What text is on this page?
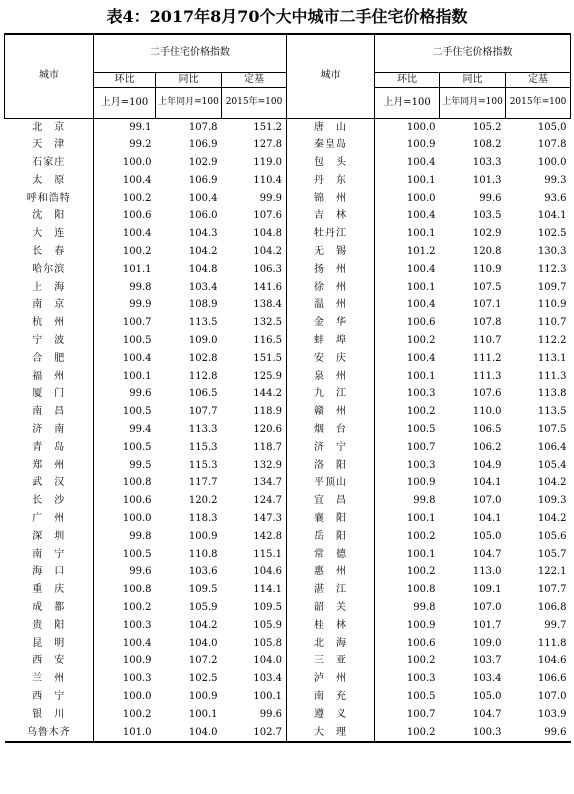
表4：2017年8月70个大中城市二手住宅价格指数
城市	二手住宅价格指数			城市	二手住宅价格指数		
	环比	同比	定基		环比	同比	定基
	上月=100	上年同月=100	2015年=100		上月=100	上年同月=100	2015年=100
北　京	99.1	107.8	151.2	唐　山	100.0	105.2	105.0
天　津	99.2	106.9	127.8	秦皇岛	100.9	108.2	107.8
石家庄	100.0	102.9	119.0	包　头	100.4	103.3	100.0
太　原	100.4	106.9	110.4	丹　东	100.1	101.3	99.3
呼和浩特	100.2	100.4	99.9	锦　州	100.0	99.6	93.6
沈　阳	100.6	106.0	107.6	吉　林	100.4	103.5	104.1
大　连	100.4	104.3	104.8	牡丹江	100.1	102.9	102.5
长　春	100.2	104.2	104.2	无　锡	101.2	120.8	130.3
哈尔滨	101.1	104.8	106.3	扬　州	100.4	110.9	112.3
上　海	99.8	103.4	141.6	徐　州	100.1	107.5	109.7
南　京	99.9	108.9	138.4	温　州	100.4	107.1	110.9
杭　州	100.7	113.5	132.5	金　华	100.6	107.8	110.7
宁　波	100.5	109.0	116.5	蚌　埠	100.2	110.7	112.2
合　肥	100.4	102.8	151.5	安　庆	100.4	111.2	113.1
福　州	100.1	112.8	125.9	泉　州	100.1	111.3	111.3
厦　门	99.6	106.5	144.2	九　江	100.3	107.6	113.8
南　昌	100.5	107.7	118.9	赣　州	100.2	110.0	113.5
济　南	99.4	113.3	120.6	烟　台	100.5	106.5	107.5
青　岛	100.5	115.3	118.7	济　宁	100.7	106.2	106.4
郑　州	99.5	115.3	132.9	洛　阳	100.3	104.9	105.4
武　汉	100.8	117.7	134.7	平顶山	100.9	104.1	104.2
长　沙	100.6	120.2	124.7	宜　昌	99.8	107.0	109.3
广　州	100.0	118.3	147.3	襄　阳	100.1	104.1	104.2
深　圳	99.8	100.9	142.8	岳　阳	100.2	105.0	105.6
南　宁	100.5	110.8	115.1	常　德	100.1	104.7	105.7
海　口	99.6	103.6	104.6	惠　州	100.2	113.0	122.1
重　庆	100.8	109.5	114.1	湛　江	100.8	109.1	107.7
成　都	100.2	105.9	109.5	韶　关	99.8	107.0	106.8
贵　阳	100.3	104.2	105.9	桂　林	100.9	101.7	99.7
昆　明	100.4	104.0	105.8	北　海	100.6	109.0	111.8
西　安	100.9	107.2	104.0	三　亚	100.2	103.7	104.6
兰　州	100.3	102.5	103.4	泸　州	100.3	103.4	106.6
西　宁	100.0	100.9	100.1	南　充	100.5	105.0	107.0
银　川	100.2	100.1	99.6	遵　义	100.7	104.7	103.9
乌鲁木齐	101.0	104.0	102.7	大　理	100.2	100.3	99.6
